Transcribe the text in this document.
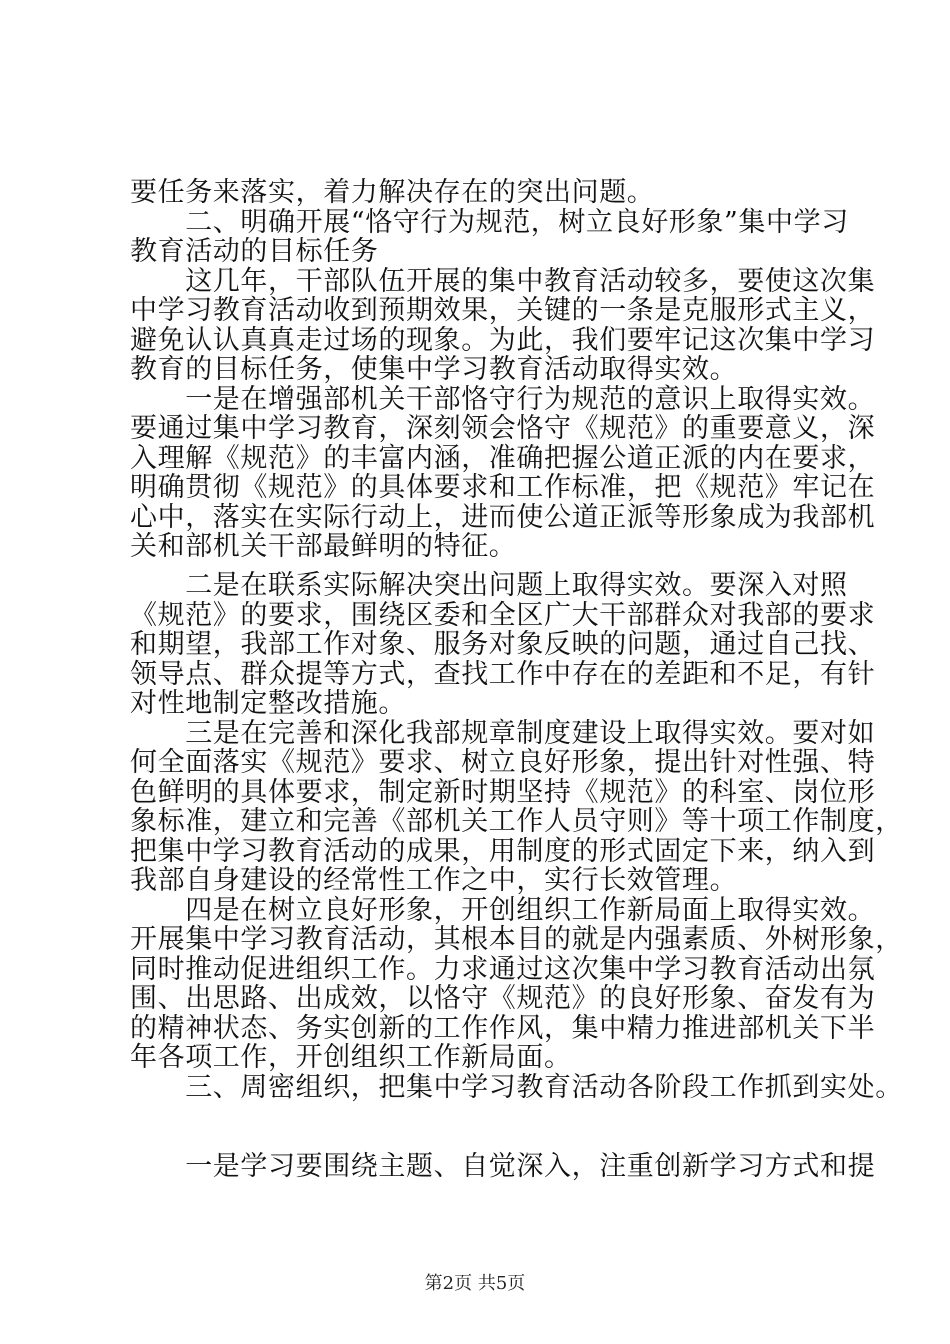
要任务来落实，着力解决存在的突出问题。
　　二、明确开展“恪守行为规范，树立良好形象”集中学习
教育活动的目标任务
　　这几年，干部队伍开展的集中教育活动较多，要使这次集
中学习教育活动收到预期效果，关键的一条是克服形式主义，
避免认认真真走过场的现象。为此，我们要牢记这次集中学习
教育的目标任务，使集中学习教育活动取得实效。
　　一是在增强部机关干部恪守行为规范的意识上取得实效。
要通过集中学习教育，深刻领会恪守《规范》的重要意义，深
入理解《规范》的丰富内涵，准确把握公道正派的内在要求，
明确贯彻《规范》的具体要求和工作标准，把《规范》牢记在
心中，落实在实际行动上，进而使公道正派等形象成为我部机
关和部机关干部最鲜明的特征。
　　二是在联系实际解决突出问题上取得实效。要深入对照
《规范》的要求，围绕区委和全区广大干部群众对我部的要求
和期望，我部工作对象、服务对象反映的问题，通过自己找、
领导点、群众提等方式，查找工作中存在的差距和不足，有针
对性地制定整改措施。
　　三是在完善和深化我部规章制度建设上取得实效。要对如
何全面落实《规范》要求、树立良好形象，提出针对性强、特
色鲜明的具体要求，制定新时期坚持《规范》的科室、岗位形
象标准，建立和完善《部机关工作人员守则》等十项工作制度，
把集中学习教育活动的成果，用制度的形式固定下来，纳入到
我部自身建设的经常性工作之中，实行长效管理。
　　四是在树立良好形象，开创组织工作新局面上取得实效。
开展集中学习教育活动，其根本目的就是内强素质、外树形象，
同时推动促进组织工作。力求通过这次集中学习教育活动出氛
围、出思路、出成效，以恪守《规范》的良好形象、奋发有为
的精神状态、务实创新的工作作风，集中精力推进部机关下半
年各项工作，开创组织工作新局面。
　　三、周密组织，把集中学习教育活动各阶段工作抓到实处。
　　一是学习要围绕主题、自觉深入，注重创新学习方式和提
第2页 共5页
